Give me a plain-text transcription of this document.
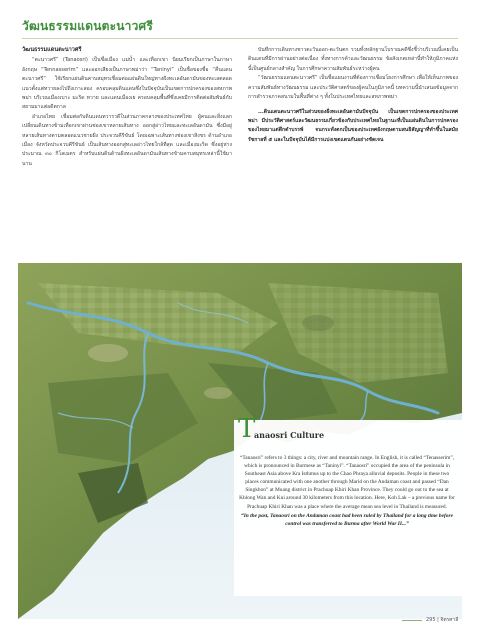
วัฒนธรรมแดนตะนาวศรี
วัฒนธรรมแดนตะนาวศรี

“ตะนาวศรี” (Tanaosri) เป็นชื่อเมือง แม่น้ำ และเทือกเขา นิยมเรียกเป็นภาษาในภาษาอังกฤษ “Tennasserim” และออกเสียงเป็นภาษาพม่าว่า “Taninyi” เป็นชื่อของชื่อ “คืนแดนตะนาวศรี” ใช้เรียกแผ่นดินคาบสมุทรเชื่อมต่อแผ่นดินใหญ่ทางฝั่งทะเลอันดามันของทะเลตลอดแนวตั้งแต่ทวายลงไปถึงเกาะสอง ครอบคลุมดินแดนซึ่งในปัจจุบันเป็นเขตการปกครองของสหภาพพม่า บริเวณเมืองเบาะ มะริด ทวาย และแดนเมืองเย ครอบคลุมพื้นที่ซึ่งเคยมีการติดต่อสัมพันธ์กับสยามมาแต่อดีตกาล

อำเภอไทย เชื่อมต่อกับดินแดนทวารวดีในส่วนภาคกลางของประเทศไทย ผู้คนและสิ่งแลกเปลี่ยนเดินทางข้ามเทือกเขาผ่านช่องเขาหลายเส้นทาง ออกสู่อ่าวไทยและทะเลอันดามัน ซึ่งมีอยู่หลายเส้นทางตามตลอดแนวชายฝั่ง ประจวบคีรีขันธ์ โดยเฉพาะเส้นทางช่องเขาสิงขร ด้านอำเภอเมือง จังหวัดประจวบคีรีขันธ์ เป็นเส้นทางออกสู่ทะเลอ่าวไทยใกล้ที่สุด และเมืองมะริด ซึ่งอยู่ห่างประมาณ ๓๐ กิโลเมตร สำหรับแผ่นดินด้านฝั่งทะเลอันดามันเส้นทางข้ามคาบสมุทรเหล่านี้ใช้มานาน

บันทึกการเดินทางชาวตะวันออก-ตะวันตก รวมทั้งหลักฐานโบราณคดีซึ่งชี้ว่าบริเวณนี้เคยเป็นดินแดนที่มีการผ่านอย่างต่อเนื่อง ทั้งทางการค้าและวัฒนธรรม ข้อสังเกตเหล่านี้ทำให้ภูมิภาคแห่งนี้เป็นศูนย์กลางสำคัญ ในการศึกษาความสัมพันธ์ระหว่างผู้คน

“วัฒนธรรมแดนตะนาวศรี” เป็นชื่อแผนงานที่ต้องการเชื่อมโยงการศึกษา เพื่อให้เห็นภาพของความสัมพันธ์ทางวัฒนธรรม และประวัติศาสตร์ของผู้คนในภูมิภาคนี้ บทความนี้นำเสนอข้อมูลจากการสำรวจภาคสนามในพื้นที่ต่าง ๆ ทั้งในประเทศไทยและสหภาพพม่า

...ดินแดนตะนาวศรีในส่วนของฝั่งทะเลอันดามันปัจจุบัน เป็นเขตการปกครองของประเทศพม่า มีประวัติศาสตร์และวัฒนธรรมเกี่ยวข้องกับประเทศไทยในฐานะที่เป็นแผ่นดินในการปกครองของไทยมาแต่ดึกดำบรรพ์ จนกระทั่งตกเป็นของประเทศอังกฤษตามสนธิสัญญาที่ทำขึ้นในสมัยรัชกาลที่ ๕ และในปัจจุบันได้มีการแบ่งเขตแดนกันอย่างชัดเจน

T
anaosri Culture

“Tanaosri” refers to 3 things: a city, river and mountain range. In English, it is called “Tenasserim”, which is pronounced in Burmese as “Taninyi”. “Tanaosri” occupied the area of the peninsula in Southeast Asia above Kra Isthmus up to the Chao Phraya alluvial deposits. People in these two places communicated with one another through Marid on the Andaman coast and passed “Dan Singkhon” at Muang district in Prachuap Khiri Khan Province. They could go out to the sea at Khlong Wan and Kui around 30 kilometers from this location. Here, Koh Lak – a previous name for Prachuap Khiri Khan was a place where the average mean sea level in Thailand is measured.

“In the past, Tanaosri on the Andaman coast had been ruled by Thailand for a long time before control was transferred to Burma after World War II...”

295 | จิตรศาลี
